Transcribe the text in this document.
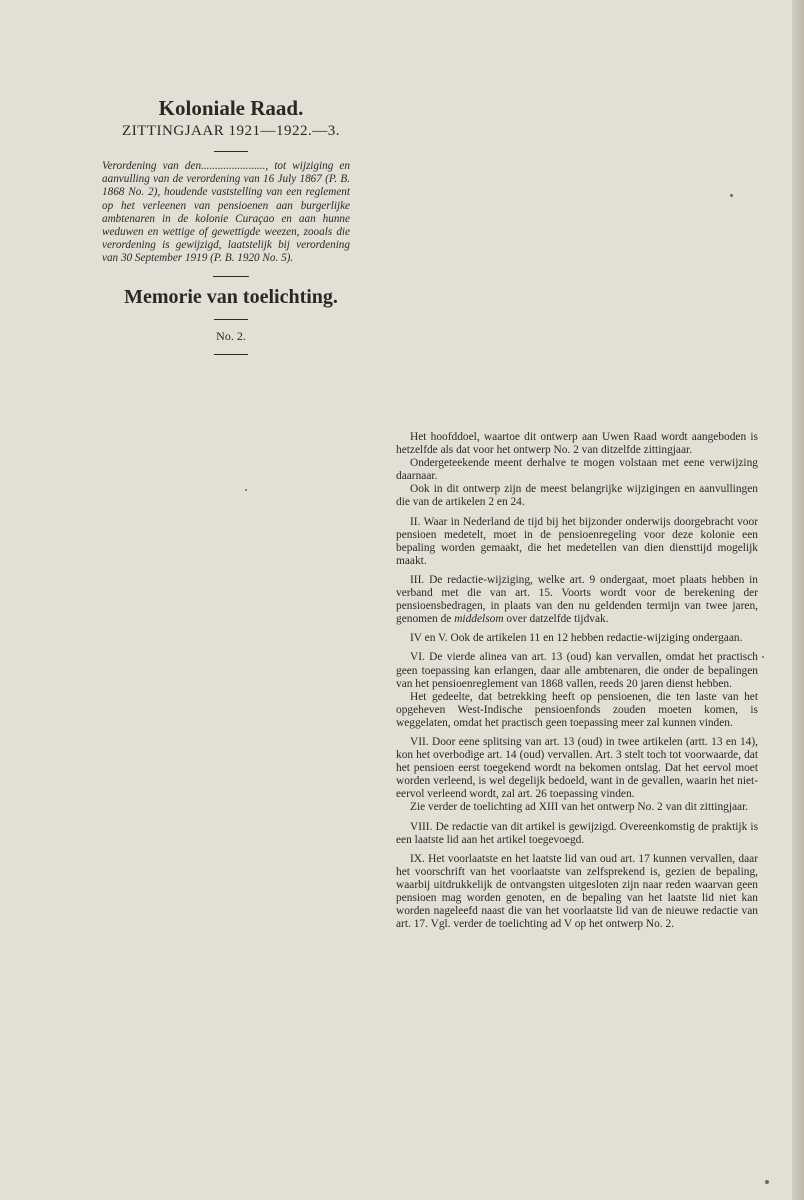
Koloniale Raad.
ZITTINGJAAR 1921—1922.—3.

Verordening van den......................., tot wijziging en aanvulling van de verordening van 16 July 1867 (P. B. 1868 No. 2), houdende vaststelling van een reglement op het verleenen van pensioenen aan burgerlijke ambtenaren in de kolonie Curaçao en aan hunne weduwen en wettige of gewettigde weezen, zooals die verordening is gewijzigd, laatstelijk bij verordening van 30 September 1919 (P. B. 1920 No. 5).

Memorie van toelichting.
No. 2.

Het hoofddoel, waartoe dit ontwerp aan Uwen Raad wordt aangeboden is hetzelfde als dat voor het ontwerp No. 2 van ditzelfde zittingjaar.

Ondergeteekende meent derhalve te mogen volstaan met eene verwijzing daarnaar.

Ook in dit ontwerp zijn de meest belangrijke wijzigingen en aanvullingen die van de artikelen 2 en 24.

II. Waar in Nederland de tijd bij het bijzonder onderwijs doorgebracht voor pensioen medetelt, moet in de pensioenregeling voor deze kolonie een bepaling worden gemaakt, die het medetellen van dien diensttijd mogelijk maakt.

III. De redactie-wijziging, welke art. 9 ondergaat, moet plaats hebben in verband met die van art. 15. Voorts wordt voor de berekening der pensioensbedragen, in plaats van den nu geldenden termijn van twee jaren, genomen de middelsom over datzelfde tijdvak.

IV en V. Ook de artikelen 11 en 12 hebben redactie-wijziging ondergaan.

VI. De vierde alinea van art. 13 (oud) kan vervallen, omdat het practisch geen toepassing kan erlangen, daar alle ambtenaren, die onder de bepalingen van het pensioenreglement van 1868 vallen, reeds 20 jaren dienst hebben.

Het gedeelte, dat betrekking heeft op pensioenen, die ten laste van het opgeheven West-Indische pensioenfonds zouden moeten komen, is weggelaten, omdat het practisch geen toepassing meer zal kunnen vinden.

VII. Door eene splitsing van art. 13 (oud) in twee artikelen (artt. 13 en 14), kon het overbodige art. 14 (oud) vervallen. Art. 3 stelt toch tot voorwaarde, dat het pensioen eerst toegekend wordt na bekomen ontslag. Dat het eervol moet worden verleend, is wel degelijk bedoeld, want in de gevallen, waarin het niet-eervol verleend wordt, zal art. 26 toepassing vinden.

Zie verder de toelichting ad XIII van het ontwerp No. 2 van dit zittingjaar.

VIII. De redactie van dit artikel is gewijzigd. Overeenkomstig de praktijk is een laatste lid aan het artikel toegevoegd.

IX. Het voorlaatste en het laatste lid van oud art. 17 kunnen vervallen, daar het voorschrift van het voorlaatste van zelfsprekend is, gezien de bepaling, waarbij uitdrukkelijk de ontvangsten uitgesloten zijn naar reden waarvan geen pensioen mag worden genoten, en de bepaling van het laatste lid niet kan worden nageleefd naast die van het voorlaatste lid van de nieuwe redactie van art. 17. Vgl. verder de toelichting ad V op het ontwerp No. 2.
